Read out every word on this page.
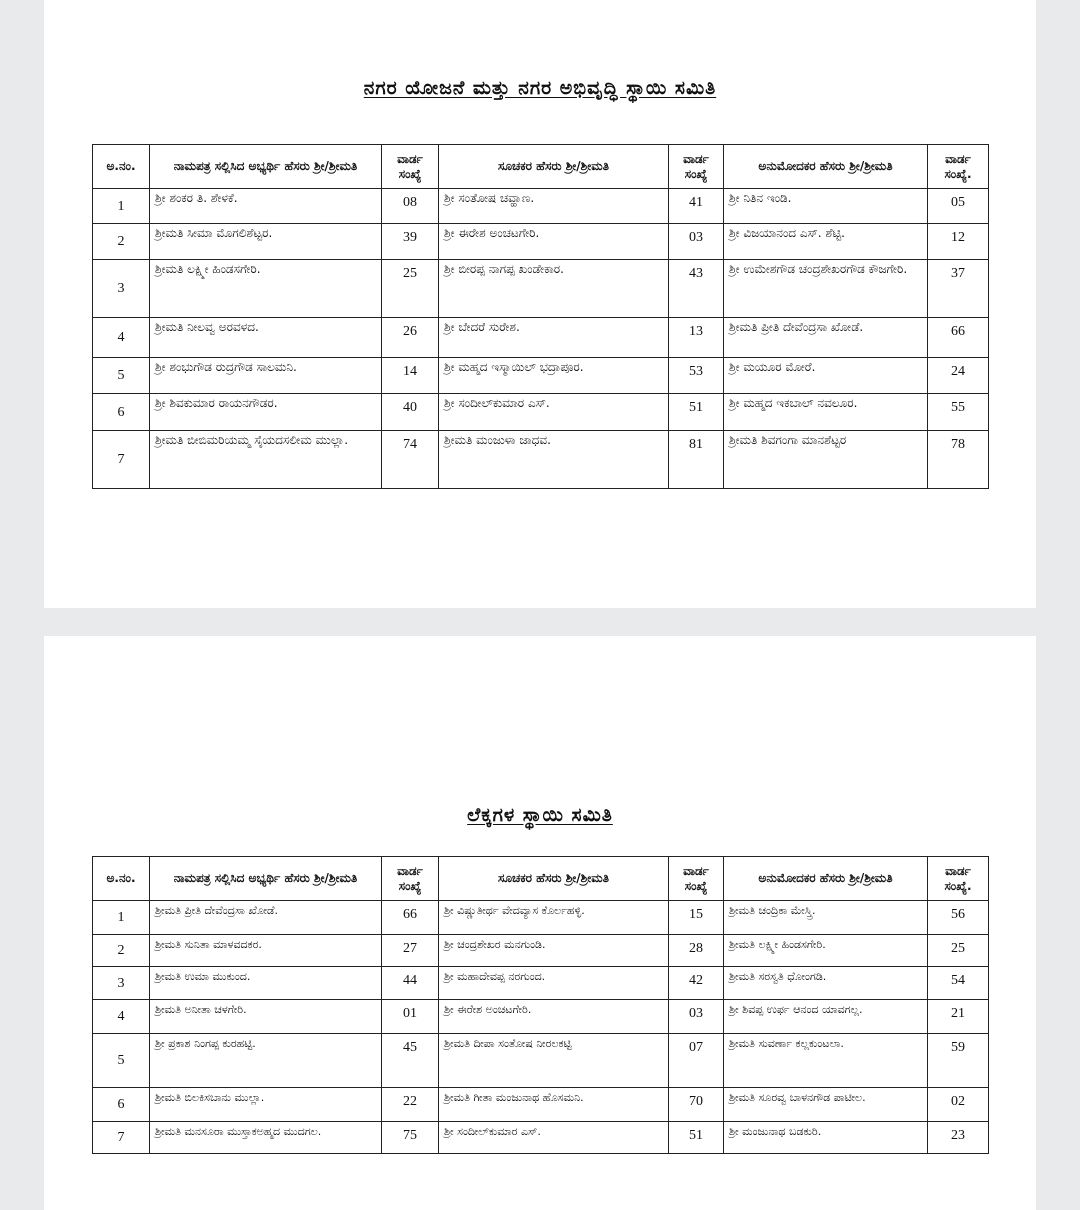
ನಗರ ಯೋಜನೆ ಮತ್ತು ನಗರ ಅಭಿವೃದ್ಧಿ ಸ್ಥಾಯಿ ಸಮಿತಿ
ಅ.ನಂ.	ನಾಮಪತ್ರ ಸಲ್ಲಿಸಿದ ಅಭ್ಯರ್ಥಿ ಹೆಸರು ಶ್ರೀ/ಶ್ರೀಮತಿ	ವಾರ್ಡ ಸಂಖ್ಯೆ	ಸೂಚಕರ ಹೆಸರು ಶ್ರೀ/ಶ್ರೀಮತಿ	ವಾರ್ಡ ಸಂಖ್ಯೆ	ಅನುಮೋದಕರ ಹೆಸರು ಶ್ರೀ/ಶ್ರೀಮತಿ	ವಾರ್ಡ ಸಂಖ್ಯೆ.
1	ಶ್ರೀ ಶಂಕರ ತಿ. ಶೇಳಕೆ.	08	ಶ್ರೀ ಸಂತೋಷ ಚವ್ಹಾಣ.	41	ಶ್ರೀ ನಿತಿನ ಇಂಡಿ.	05
2	ಶ್ರೀಮತಿ ಸೀಮಾ ಮೊಗಲಿಶೆಟ್ಟರ.	39	ಶ್ರೀ ಈರೇಶ ಅಂಚಟಗೇರಿ.	03	ಶ್ರೀ ವಿಜಯಾನಂದ ಎಸ್. ಶೆಟ್ಟಿ.	12
3	ಶ್ರೀಮತಿ ಲಕ್ಷ್ಮೀ ಹಿಂಡಸಗೇರಿ.	25	ಶ್ರೀ ಬೀರಪ್ಪ ನಾಗಪ್ಪ ಖಂಡೇಕಾರ.	43	ಶ್ರೀ ಉಮೇಶಗೌಡ ಚಂದ್ರಶೇಖರಗೌಡ ಕೌಜಗೇರಿ.	37
4	ಶ್ರೀಮತಿ ನೀಲವ್ವ ಅರವಳದ.	26	ಶ್ರೀ ಬೇದರೆ ಸುರೇಶ.	13	ಶ್ರೀಮತಿ ಪ್ರೀತಿ ದೇವೆಂದ್ರಸಾ ಖೋಡೆ.	66
5	ಶ್ರೀ ಶಂಭುಗೌಡ ರುದ್ರಗೌಡ ಸಾಲಮನಿ.	14	ಶ್ರೀ ಮಹ್ಮದ ಇಸ್ಮಾಯಿಲ್ ಭದ್ರಾಪೂರ.	53	ಶ್ರೀ ಮಯೂರ ಮೋರೆ.	24
6	ಶ್ರೀ ಶಿವಕುಮಾರ ರಾಯನಗೌಡರ.	40	ಶ್ರೀ ಸಂದೀಲ್‌ಕುಮಾರ ಎಸ್.	51	ಶ್ರೀ ಮಹ್ಮದ ಇಕಬಾಲ್ ನವಲೂರ.	55
7	ಶ್ರೀಮತಿ ಬೀಬಿಮರಿಯಮ್ಮ ಸೈಯದಸಲೀಮ ಮುಲ್ಲಾ.	74	ಶ್ರೀಮತಿ ಮಂಜುಳಾ ಜಾಧವ.	81	ಶ್ರೀಮತಿ ಶಿವಗಂಗಾ ಮಾನಶೆಟ್ಟರ	78
ಲೆಕ್ಕಗಳ ಸ್ಥಾಯಿ ಸಮಿತಿ
ಅ.ನಂ.	ನಾಮಪತ್ರ ಸಲ್ಲಿಸಿದ ಅಭ್ಯರ್ಥಿ ಹೆಸರು ಶ್ರೀ/ಶ್ರೀಮತಿ	ವಾರ್ಡ ಸಂಖ್ಯೆ	ಸೂಚಕರ ಹೆಸರು ಶ್ರೀ/ಶ್ರೀಮತಿ	ವಾರ್ಡ ಸಂಖ್ಯೆ	ಅನುಮೋದಕರ ಹೆಸರು ಶ್ರೀ/ಶ್ರೀಮತಿ	ವಾರ್ಡ ಸಂಖ್ಯೆ.
1	ಶ್ರೀಮತಿ ಪ್ರೀತಿ ದೇವೆಂದ್ರಸಾ ಖೋಡೆ.	66	ಶ್ರೀ ವಿಷ್ಣುತೀರ್ಥ ವೇದವ್ಯಾಸ ಕೊರ್ಲಹಳ್ಳಿ.	15	ಶ್ರೀಮತಿ ಚಂದ್ರಿಕಾ ಮೇಸ್ತ್ರಿ.	56
2	ಶ್ರೀಮತಿ ಸುನಿತಾ ಮಾಳವದಕರ.	27	ಶ್ರೀ ಚಂದ್ರಶೇಖರ ಮನಗುಂಡಿ.	28	ಶ್ರೀಮತಿ ಲಕ್ಷ್ಮೀ ಹಿಂಡಸಗೇರಿ.	25
3	ಶ್ರೀಮತಿ ಉಮಾ ಮುಕುಂದ.	44	ಶ್ರೀ ಮಹಾದೇವಪ್ಪ ನರಗುಂದ.	42	ಶ್ರೀಮತಿ ಸರಸ್ವತಿ ಧೋಂಗಡಿ.	54
4	ಶ್ರೀಮತಿ ಅನೀತಾ ಚಳಗೇರಿ.	01	ಶ್ರೀ ಈರೇಶ ಅಂಚಟಗೇರಿ.	03	ಶ್ರೀ ಶಿವಪ್ಪ ಉರ್ಫ ಆನಂದ ಯಾವಗಲ್ಲ.	21
5	ಶ್ರೀ ಪ್ರಕಾಶ ನಿಂಗಪ್ಪ ಕುರಹಟ್ಟಿ.	45	ಶ್ರೀಮತಿ ದೀಪಾ ಸಂತೋಷ ನೀರಲಕಟ್ಟಿ	07	ಶ್ರೀಮತಿ ಸುವರ್ಣಾ ಕಲ್ಲಕುಂಟಲಾ.	59
6	ಶ್ರೀಮತಿ ಬಿಲಕಿಸಬಾನು ಮುಲ್ಲಾ.	22	ಶ್ರೀಮತಿ ಗೀತಾ ಮಂಜುನಾಥ ಹೊಸಮನಿ.	70	ಶ್ರೀಮತಿ ಸೂರವ್ವ ಬಾಳನಗೌಡ ಪಾಟೀಲ.	02
7	ಶ್ರೀಮತಿ ಮನಸೂರಾ ಮುಸ್ತಾಕಅಹ್ಮದ ಮುದಗಲ.	75	ಶ್ರೀ ಸಂದೀಲ್‌ಕುಮಾರ ಎಸ್.	51	ಶ್ರೀ ಮಂಜುನಾಥ ಬಡಕುರಿ.	23
